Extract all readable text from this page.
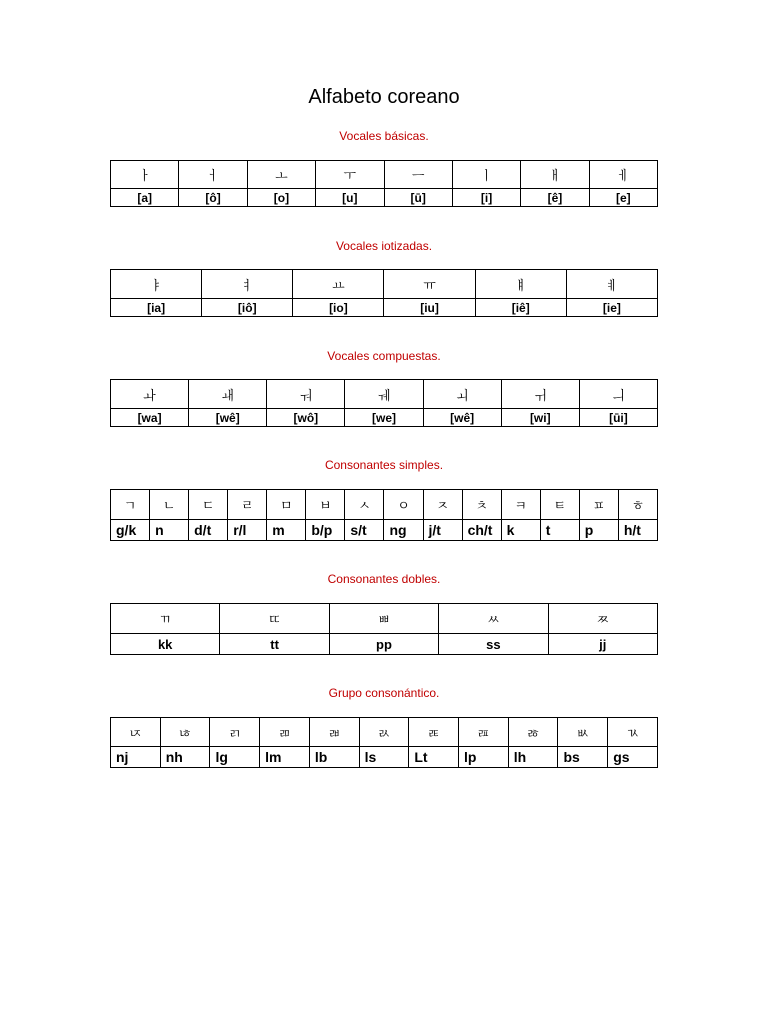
Alfabeto coreano
Vocales básicas.
ㅏ	ㅓ	ㅗ	ㅜ	ㅡ	ㅣ	ㅐ	ㅔ
[a]	[ô]	[o]	[u]	[ū]	[i]	[ê]	[e]
Vocales iotizadas.
ㅑ	ㅕ	ㅛ	ㅠ	ㅒ	ㅖ
[ia]	[iô]	[io]	[iu]	[iê]	[ie]
Vocales compuestas.
ㅘ	ㅙ	ㅝ	ㅞ	ㅚ	ㅟ	ㅢ
[wa]	[wê]	[wô]	[we]	[wê]	[wi]	[ūi]
Consonantes simples.
ㄱ	ㄴ	ㄷ	ㄹ	ㅁ	ㅂ	ㅅ	ㅇ	ㅈ	ㅊ	ㅋ	ㅌ	ㅍ	ㅎ
g/k	n	d/t	r/l	m	b/p	s/t	ng	j/t	ch/t	k	t	p	h/t
Consonantes dobles.
ㄲ	ㄸ	ㅃ	ㅆ	ㅉ
kk	tt	pp	ss	jj
Grupo consonántico.
ㄵ	ㄶ	ㄺ	ㄻ	ㄼ	ㄽ	ㄾ	ㄿ	ㅀ	ㅄ	ㄳ
nj	nh	lg	lm	lb	ls	Lt	lp	lh	bs	gs
